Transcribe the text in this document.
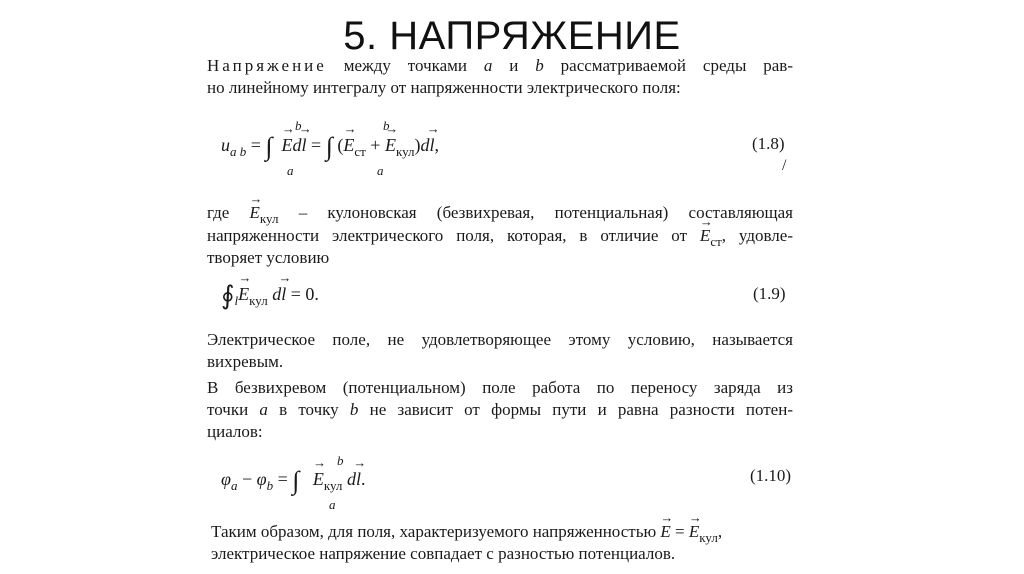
5. НАПРЯЖЕНИЕ
Напряжение между точками a и b рассматриваемой среды рав-
но линейному интегралу от напряженности электрического поля:
$u_{a b}$ = ∫ → Ed→ l = ∫ (→ $E_{ст}$ + → $E_{кул})d\to l$,
b
a
b
a
(1.8)
/
где → $E_{кул}$ – кулоновская (безвихревая, потенциальная) составляющая
напряженности электрического поля, которая, в отличие от → $E_{ст}$, удовле-
творяет условию
$∮_l\to E_{кул}$ d→ l = 0.	(1.9)
Электрическое поле, не удовлетворяющее этому условию, называется
вихревым.
В безвихревом (потенциальном) поле работа по переносу заряда из
точки a в точку b не зависит от формы пути и равна разности потен-
циалов:
$\varphi_a - \varphi_b$ = ∫ → $E_{кул}$ d→ l.
b
a
(1.10)
Таким образом, для поля, характеризуемого напряженностью → E = → $E_{кул}$,
электрическое напряжение совпадает с разностью потенциалов.
